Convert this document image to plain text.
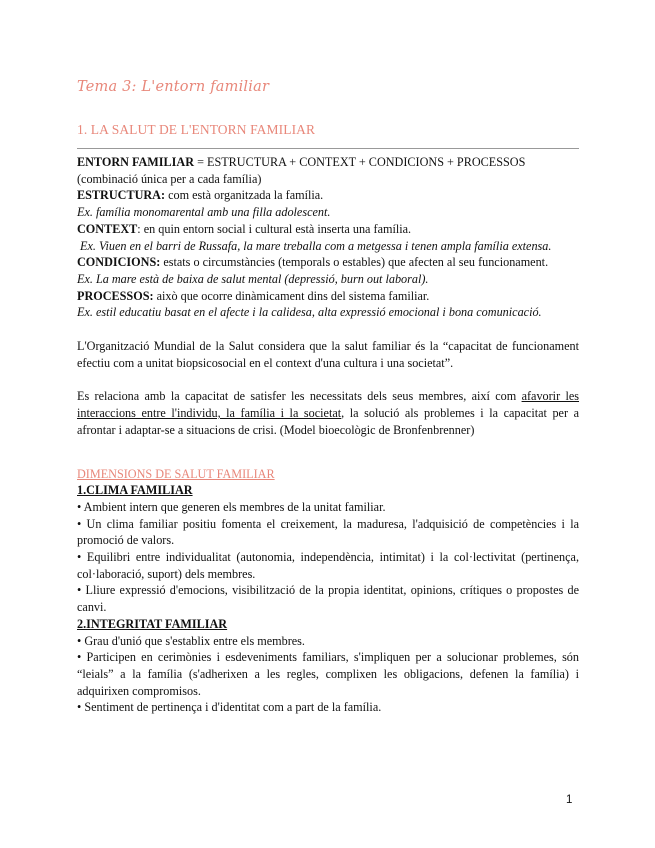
Tema 3: L'entorn familiar
1. LA SALUT DE L'ENTORN FAMILIAR

ENTORN FAMILIAR = ESTRUCTURA + CONTEXT + CONDICIONS + PROCESSOS

(combinació única per a cada família)

ESTRUCTURA: com està organitzada la família.

Ex. família monomarental amb una filla adolescent.

CONTEXT: en quin entorn social i cultural està inserta una família.

Ex. Viuen en el barri de Russafa, la mare treballa com a metgessa i tenen ampla família extensa.

CONDICIONS: estats o circumstàncies (temporals o estables) que afecten al seu funcionament.

Ex. La mare està de baixa de salut mental (depressió, burn out laboral).

PROCESSOS: això que ocorre dinàmicament dins del sistema familiar.

Ex. estil educatiu basat en el afecte i la calidesa, alta expressió emocional i bona comunicació.

L'Organització Mundial de la Salut considera que la salut familiar és la “capacitat de funcionament efectiu com a unitat biopsicosocial en el context d'una cultura i una societat”.

Es relaciona amb la capacitat de satisfer les necessitats dels seus membres, així com afavorir les interaccions entre l'individu, la família i la societat, la solució als problemes i la capacitat per a afrontar i adaptar-se a situacions de crisi. (Model bioecològic de Bronfenbrenner)

DIMENSIONS DE SALUT FAMILIAR

1.CLIMA FAMILIAR

• Ambient intern que generen els membres de la unitat familiar.

• Un clima familiar positiu fomenta el creixement, la maduresa, l'adquisició de competències i la promoció de valors.

• Equilibri entre individualitat (autonomia, independència, intimitat) i la col·lectivitat (pertinença, col·laboració, suport) dels membres.

• Lliure expressió d'emocions, visibilització de la propia identitat, opinions, crítiques o propostes de canvi.

2.INTEGRITAT FAMILIAR

• Grau d'unió que s'establix entre els membres.

• Participen en cerimònies i esdeveniments familiars, s'impliquen per a solucionar problemes, són “leials” a la família (s'adherixen a les regles, complixen les obligacions, defenen la família) i adquirixen compromisos.

• Sentiment de pertinença i d'identitat com a part de la família.

1
